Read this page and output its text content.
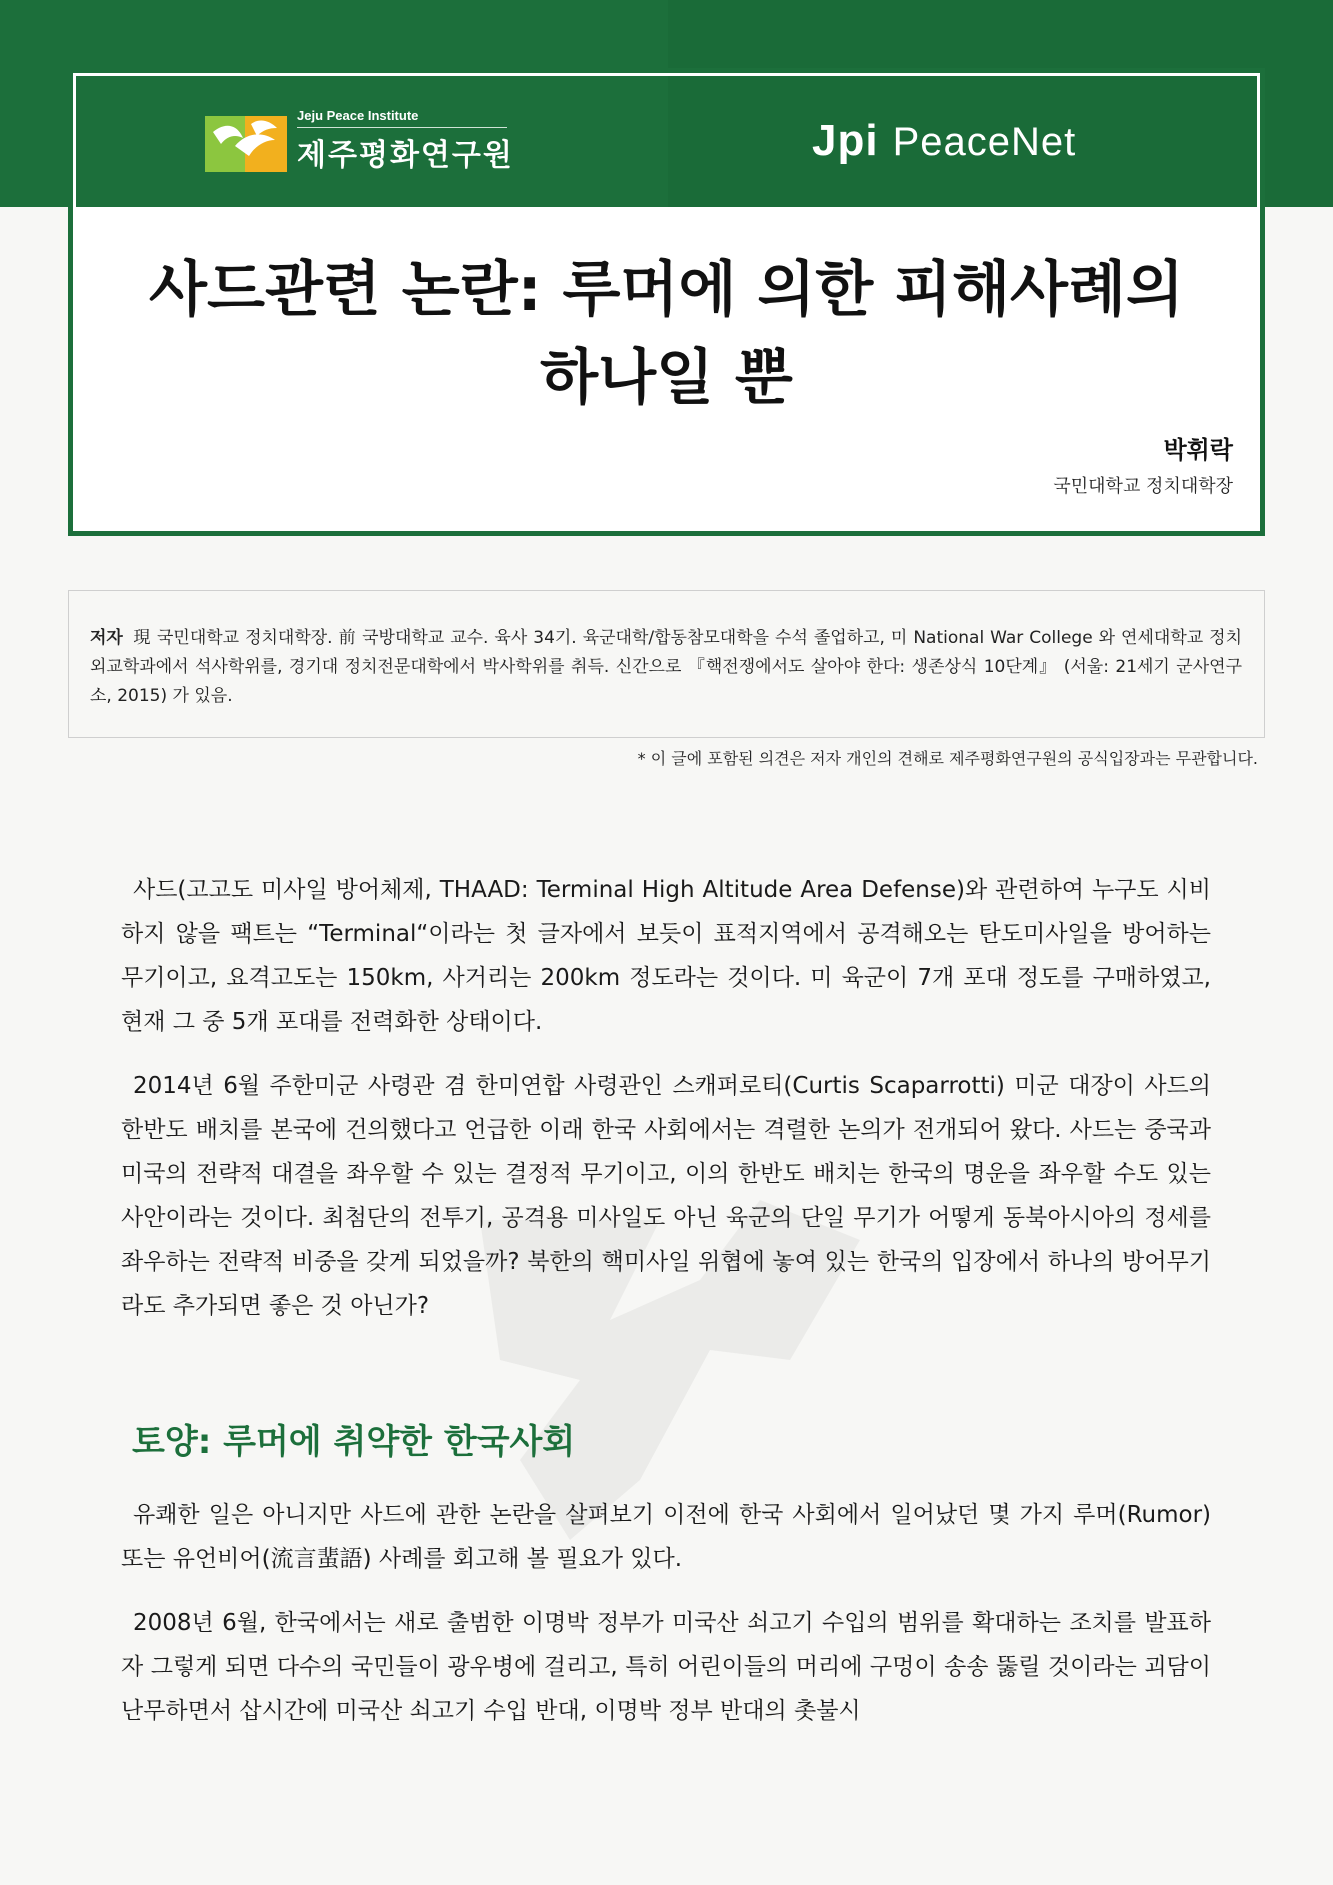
Jeju Peace Institute
제주평화연구원	Jpi PeaceNet
사드관련 논란: 루머에 의한 피해사례의
하나일 뿐
박휘락
국민대학교 정치대학장
저자 現 국민대학교 정치대학장. 前 국방대학교 교수. 육사 34기. 육군대학/합동참모대학을 수석 졸업하고, 미 National War College 와 연세대학교 정치외교학과에서 석사학위를, 경기대 정치전문대학에서 박사학위를 취득. 신간으로 『핵전쟁에서도 살아야 한다: 생존상식 10단계』 (서울: 21세기 군사연구소, 2015) 가 있음.
* 이 글에 포함된 의견은 저자 개인의 견해로 제주평화연구원의 공식입장과는 무관합니다.
사드(고고도 미사일 방어체제, THAAD: Terminal High Altitude Area Defense)와 관련하여 누구도 시비하지 않을 팩트는 “Terminal“이라는 첫 글자에서 보듯이 표적지역에서 공격해오는 탄도미사일을 방어하는 무기이고, 요격고도는 150km, 사거리는 200km 정도라는 것이다. 미 육군이 7개 포대 정도를 구매하였고, 현재 그 중 5개 포대를 전력화한 상태이다.
2014년 6월 주한미군 사령관 겸 한미연합 사령관인 스캐퍼로티(Curtis Scaparrotti) 미군 대장이 사드의 한반도 배치를 본국에 건의했다고 언급한 이래 한국 사회에서는 격렬한 논의가 전개되어 왔다. 사드는 중국과 미국의 전략적 대결을 좌우할 수 있는 결정적 무기이고, 이의 한반도 배치는 한국의 명운을 좌우할 수도 있는 사안이라는 것이다. 최첨단의 전투기, 공격용 미사일도 아닌 육군의 단일 무기가 어떻게 동북아시아의 정세를 좌우하는 전략적 비중을 갖게 되었을까? 북한의 핵미사일 위협에 놓여 있는 한국의 입장에서 하나의 방어무기라도 추가되면 좋은 것 아닌가?
토양: 루머에 취약한 한국사회
유쾌한 일은 아니지만 사드에 관한 논란을 살펴보기 이전에 한국 사회에서 일어났던 몇 가지 루머(Rumor) 또는 유언비어(流言蜚語) 사례를 회고해 볼 필요가 있다.
2008년 6월, 한국에서는 새로 출범한 이명박 정부가 미국산 쇠고기 수입의 범위를 확대하는 조치를 발표하자 그렇게 되면 다수의 국민들이 광우병에 걸리고, 특히 어린이들의 머리에 구멍이 송송 뚫릴 것이라는 괴담이 난무하면서 삽시간에 미국산 쇠고기 수입 반대, 이명박 정부 반대의 촛불시
